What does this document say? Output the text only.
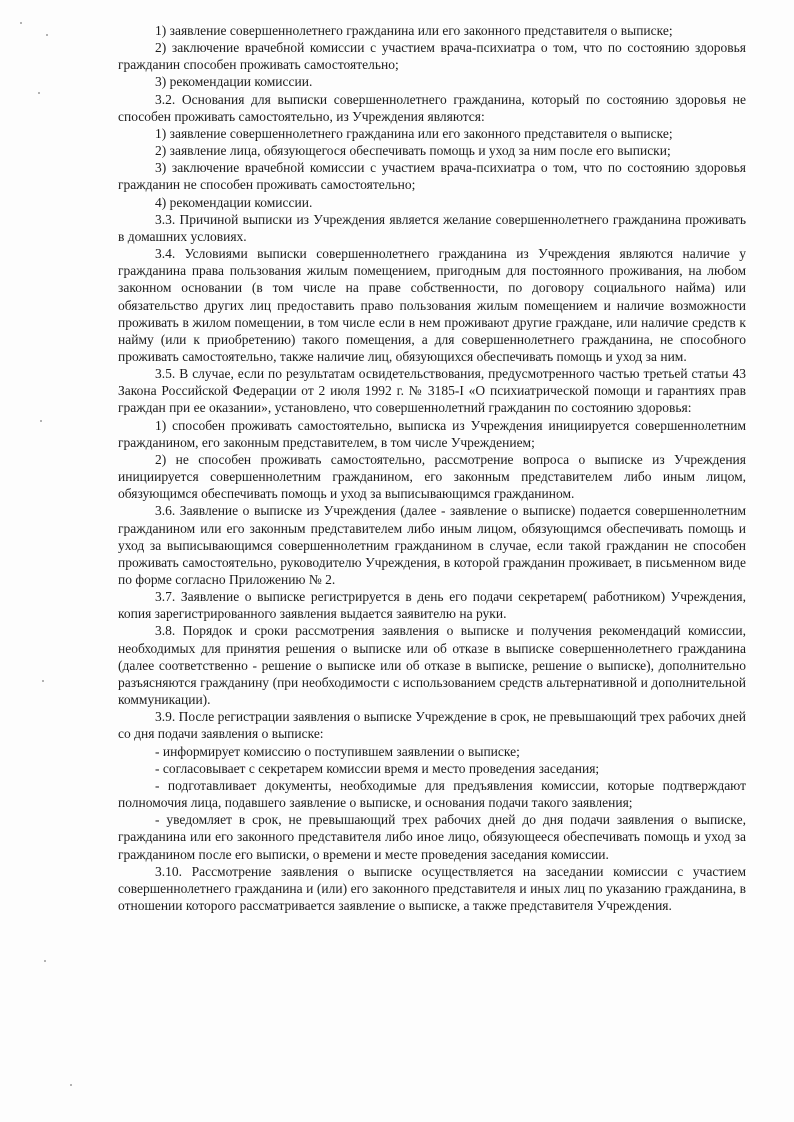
1) заявление совершеннолетнего гражданина или его законного представителя о выписке;

2) заключение врачебной комиссии с участием врача-психиатра о том, что по состоянию здоровья гражданин способен проживать самостоятельно;

3) рекомендации комиссии.

3.2. Основания для выписки совершеннолетнего гражданина, который по состоянию здоровья не способен проживать самостоятельно, из Учреждения являются:

1) заявление совершеннолетнего гражданина или его законного представителя о выписке;

2) заявление лица, обязующегося обеспечивать помощь и уход за ним после его выписки;

3) заключение врачебной комиссии с участием врача-психиатра о том, что по состоянию здоровья гражданин не способен проживать самостоятельно;

4) рекомендации комиссии.

3.3. Причиной выписки из Учреждения является желание совершеннолетнего гражданина проживать в домашних условиях.

3.4. Условиями выписки совершеннолетнего гражданина из Учреждения являются наличие у гражданина права пользования жилым помещением, пригодным для постоянного проживания, на любом законном основании (в том числе на праве собственности, по договору социального найма) или обязательство других лиц предоставить право пользования жилым помещением и наличие возможности проживать в жилом помещении, в том числе если в нем проживают другие граждане, или наличие средств к найму (или к приобретению) такого помещения, а для совершеннолетнего гражданина, не способного проживать самостоятельно, также наличие лиц, обязующихся обеспечивать помощь и уход за ним.

3.5. В случае, если по результатам освидетельствования, предусмотренного частью третьей статьи 43 Закона Российской Федерации от 2 июля 1992 г. № 3185-I «О психиатрической помощи и гарантиях прав граждан при ее оказании», установлено, что совершеннолетний гражданин по состоянию здоровья:

1) способен проживать самостоятельно, выписка из Учреждения инициируется совершеннолетним гражданином, его законным представителем, в том числе Учреждением;

2) не способен проживать самостоятельно, рассмотрение вопроса о выписке из Учреждения инициируется совершеннолетним гражданином, его законным представителем либо иным лицом, обязующимся обеспечивать помощь и уход за выписывающимся гражданином.

3.6. Заявление о выписке из Учреждения (далее - заявление о выписке) подается совершеннолетним гражданином или его законным представителем либо иным лицом, обязующимся обеспечивать помощь и уход за выписывающимся совершеннолетним гражданином в случае, если такой гражданин не способен проживать самостоятельно, руководителю Учреждения, в которой гражданин проживает, в письменном виде по форме согласно Приложению № 2.

3.7. Заявление о выписке регистрируется в день его подачи секретарем( работником) Учреждения, копия зарегистрированного заявления выдается заявителю на руки.

3.8. Порядок и сроки рассмотрения заявления о выписке и получения рекомендаций комиссии, необходимых для принятия решения о выписке или об отказе в выписке совершеннолетнего гражданина (далее соответственно - решение о выписке или об отказе в выписке, решение о выписке), дополнительно разъясняются гражданину (при необходимости с использованием средств альтернативной и дополнительной коммуникации).

3.9. После регистрации заявления о выписке Учреждение в срок, не превышающий трех рабочих дней со дня подачи заявления о выписке:

- информирует комиссию о поступившем заявлении о выписке;

- согласовывает с секретарем комиссии время и место проведения заседания;

- подготавливает документы, необходимые для предъявления комиссии, которые подтверждают полномочия лица, подавшего заявление о выписке, и основания подачи такого заявления;

- уведомляет в срок, не превышающий трех рабочих дней до дня подачи заявления о выписке, гражданина или его законного представителя либо иное лицо, обязующееся обеспечивать помощь и уход за гражданином после его выписки, о времени и месте проведения заседания комиссии.

3.10. Рассмотрение заявления о выписке осуществляется на заседании комиссии с участием совершеннолетнего гражданина и (или) его законного представителя и иных лиц по указанию гражданина, в отношении которого рассматривается заявление о выписке, а также представителя Учреждения.
